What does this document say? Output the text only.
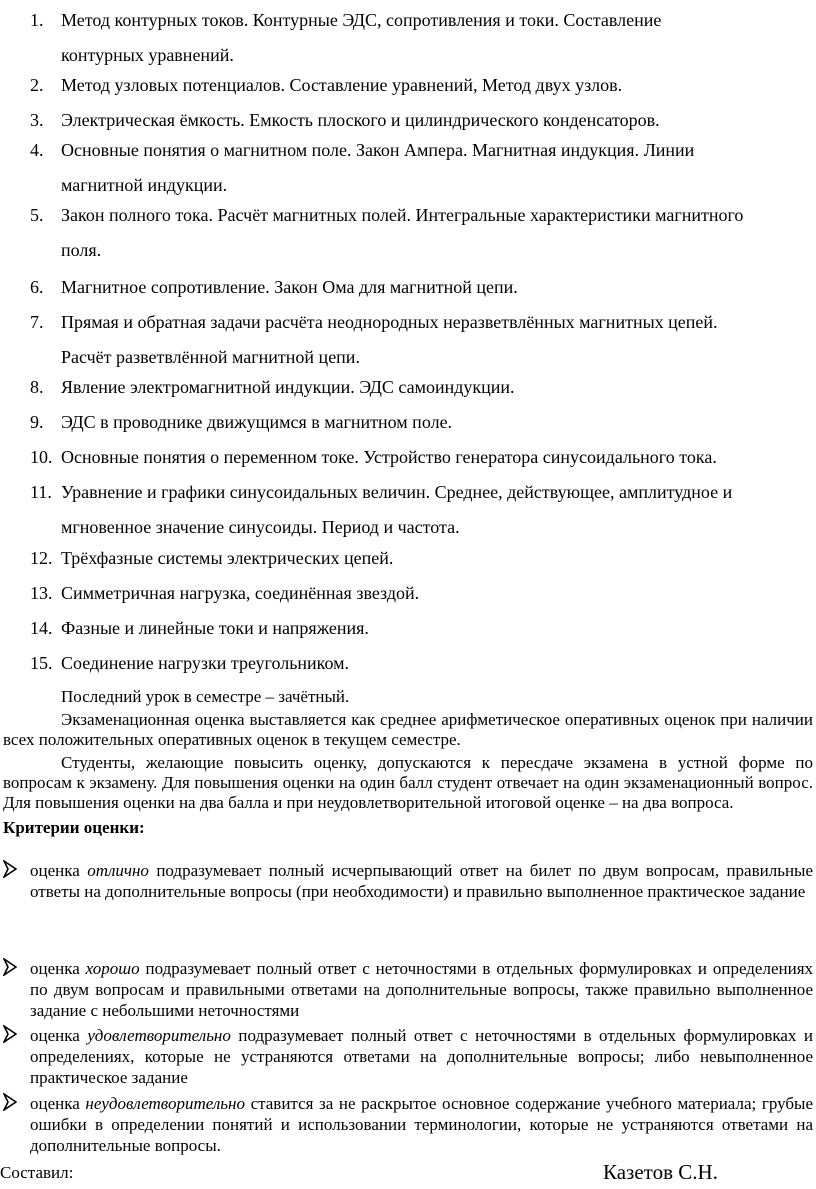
1. Метод контурных токов. Контурные ЭДС, сопротивления и токи. Составление
контурных уравнений.
2. Метод узловых потенциалов. Составление уравнений, Метод двух узлов.
3. Электрическая ёмкость. Емкость плоского и цилиндрического конденсаторов.
4. Основные понятия о магнитном поле. Закон Ампера. Магнитная индукция. Линии
магнитной индукции.
5. Закон полного тока. Расчёт магнитных полей. Интегральные характеристики магнитного
поля.
6. Магнитное сопротивление. Закон Ома для магнитной цепи.
7. Прямая и обратная задачи расчёта неоднородных неразветвлённых магнитных цепей.
Расчёт разветвлённой магнитной цепи.
8. Явление электромагнитной индукции. ЭДС самоиндукции.
9. ЭДС в проводнике движущимся в магнитном поле.
10. Основные понятия о переменном токе. Устройство генератора синусоидального тока.
11. Уравнение и графики синусоидальных величин. Среднее, действующее, амплитудное и
мгновенное значение синусоиды. Период и частота.
12. Трёхфазные системы электрических цепей.
13. Симметричная нагрузка, соединённая звездой.
14. Фазные и линейные токи и напряжения.
15. Соединение нагрузки треугольником.
Последний урок в семестре – зачётный.
Экзаменационная оценка выставляется как среднее арифметическое оперативных оценок при наличии всех положительных оперативных оценок в текущем семестре.
Студенты, желающие повысить оценку, допускаются к пересдаче экзамена в устной форме по вопросам к экзамену. Для повышения оценки на один балл студент отвечает на один экзаменационный вопрос. Для повышения оценки на два балла и при неудовлетворительной итоговой оценке – на два вопроса.
Критерии оценки:
оценка отлично подразумевает полный исчерпывающий ответ на билет по двум вопросам, правильные ответы на дополнительные вопросы (при необходимости) и правильно выполненное практическое задание
оценка хорошо подразумевает полный ответ с неточностями в отдельных формулировках и определениях по двум вопросам и правильными ответами на дополнительные вопросы, также правильно выполненное задание с небольшими неточностями
оценка удовлетворительно подразумевает полный ответ с неточностями в отдельных формулировках и определениях, которые не устраняются ответами на дополнительные вопросы; либо невыполненное практическое задание
оценка неудовлетворительно ставится за не раскрытое основное содержание учебного материала; грубые ошибки в определении понятий и использовании терминологии, которые не устраняются ответами на дополнительные вопросы.
Составил:	Казетов С.Н.
